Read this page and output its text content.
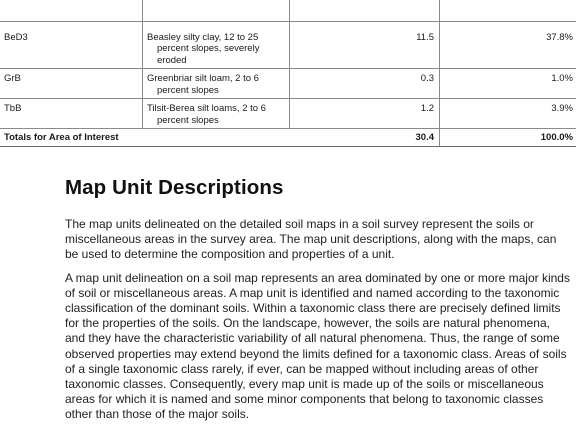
BeD3	Beasley silty clay, 12 to 25 percent slopes, severely eroded	11.5	37.8%
GrB	Greenbriar silt loam, 2 to 6 percent slopes	0.3	1.0%
TbB	Tilsit-Berea silt loams, 2 to 6 percent slopes	1.2	3.9%
Totals for Area of Interest		30.4	100.0%
Map Unit Descriptions

The map units delineated on the detailed soil maps in a soil survey represent the soils or miscellaneous areas in the survey area. The map unit descriptions, along with the maps, can be used to determine the composition and properties of a unit.

A map unit delineation on a soil map represents an area dominated by one or more major kinds of soil or miscellaneous areas. A map unit is identified and named according to the taxonomic classification of the dominant soils. Within a taxonomic class there are precisely defined limits for the properties of the soils. On the landscape, however, the soils are natural phenomena, and they have the characteristic variability of all natural phenomena. Thus, the range of some observed properties may extend beyond the limits defined for a taxonomic class. Areas of soils of a single taxonomic class rarely, if ever, can be mapped without including areas of other taxonomic classes. Consequently, every map unit is made up of the soils or miscellaneous areas for which it is named and some minor components that belong to taxonomic classes other than those of the major soils.
